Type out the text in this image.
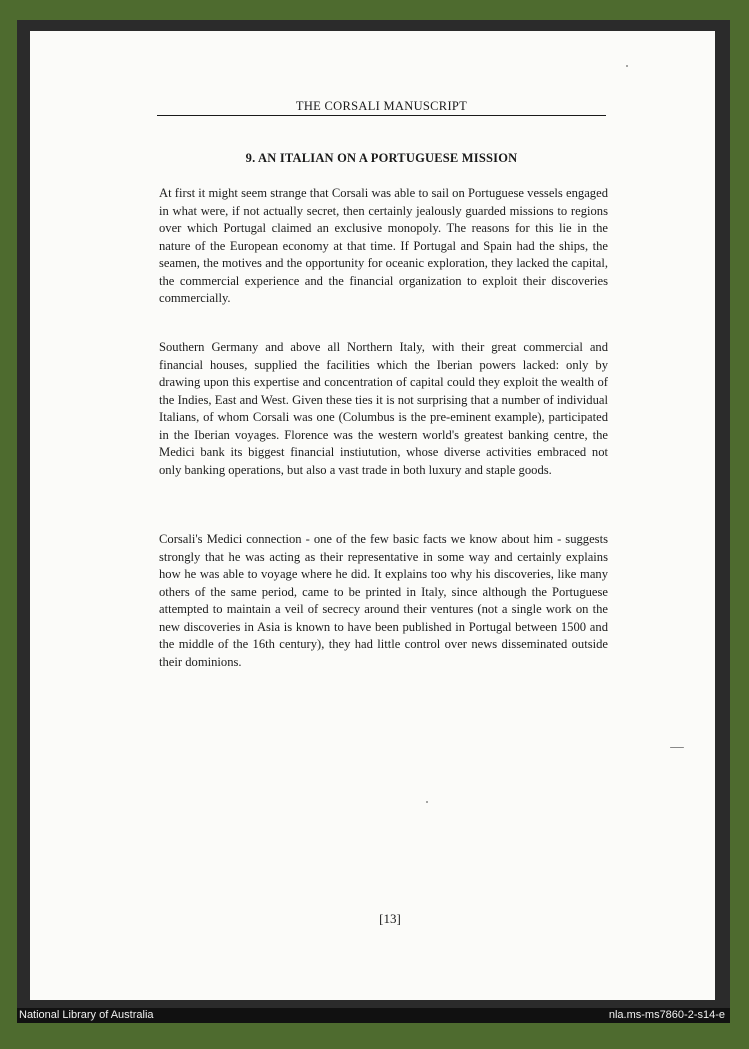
THE CORSALI MANUSCRIPT
9. AN ITALIAN ON A PORTUGUESE MISSION
At first it might seem strange that Corsali was able to sail on Portuguese vessels engaged in what were, if not actually secret, then certainly jealously guarded missions to regions over which Portugal claimed an exclusive monopoly. The reasons for this lie in the nature of the European economy at that time. If Portugal and Spain had the ships, the seamen, the motives and the opportunity for oceanic exploration, they lacked the capital, the commercial experience and the financial organization to exploit their discoveries commercially.
Southern Germany and above all Northern Italy, with their great commercial and financial houses, supplied the facilities which the Iberian powers lacked: only by drawing upon this expertise and concentration of capital could they exploit the wealth of the Indies, East and West. Given these ties it is not surprising that a number of individual Italians, of whom Corsali was one (Columbus is the pre-eminent example), participated in the Iberian voyages. Florence was the western world's greatest banking centre, the Medici bank its biggest financial instiutution, whose diverse activities embraced not only banking operations, but also a vast trade in both luxury and staple goods.
Corsali's Medici connection - one of the few basic facts we know about him - suggests strongly that he was acting as their representative in some way and certainly explains how he was able to voyage where he did. It explains too why his discoveries, like many others of the same period, came to be printed in Italy, since although the Portuguese attempted to maintain a veil of secrecy around their ventures (not a single work on the new discoveries in Asia is known to have been published in Portugal between 1500 and the middle of the 16th century), they had little control over news disseminated outside their dominions.
[13]
National Library of Australia	nla.ms-ms7860-2-s14-e
